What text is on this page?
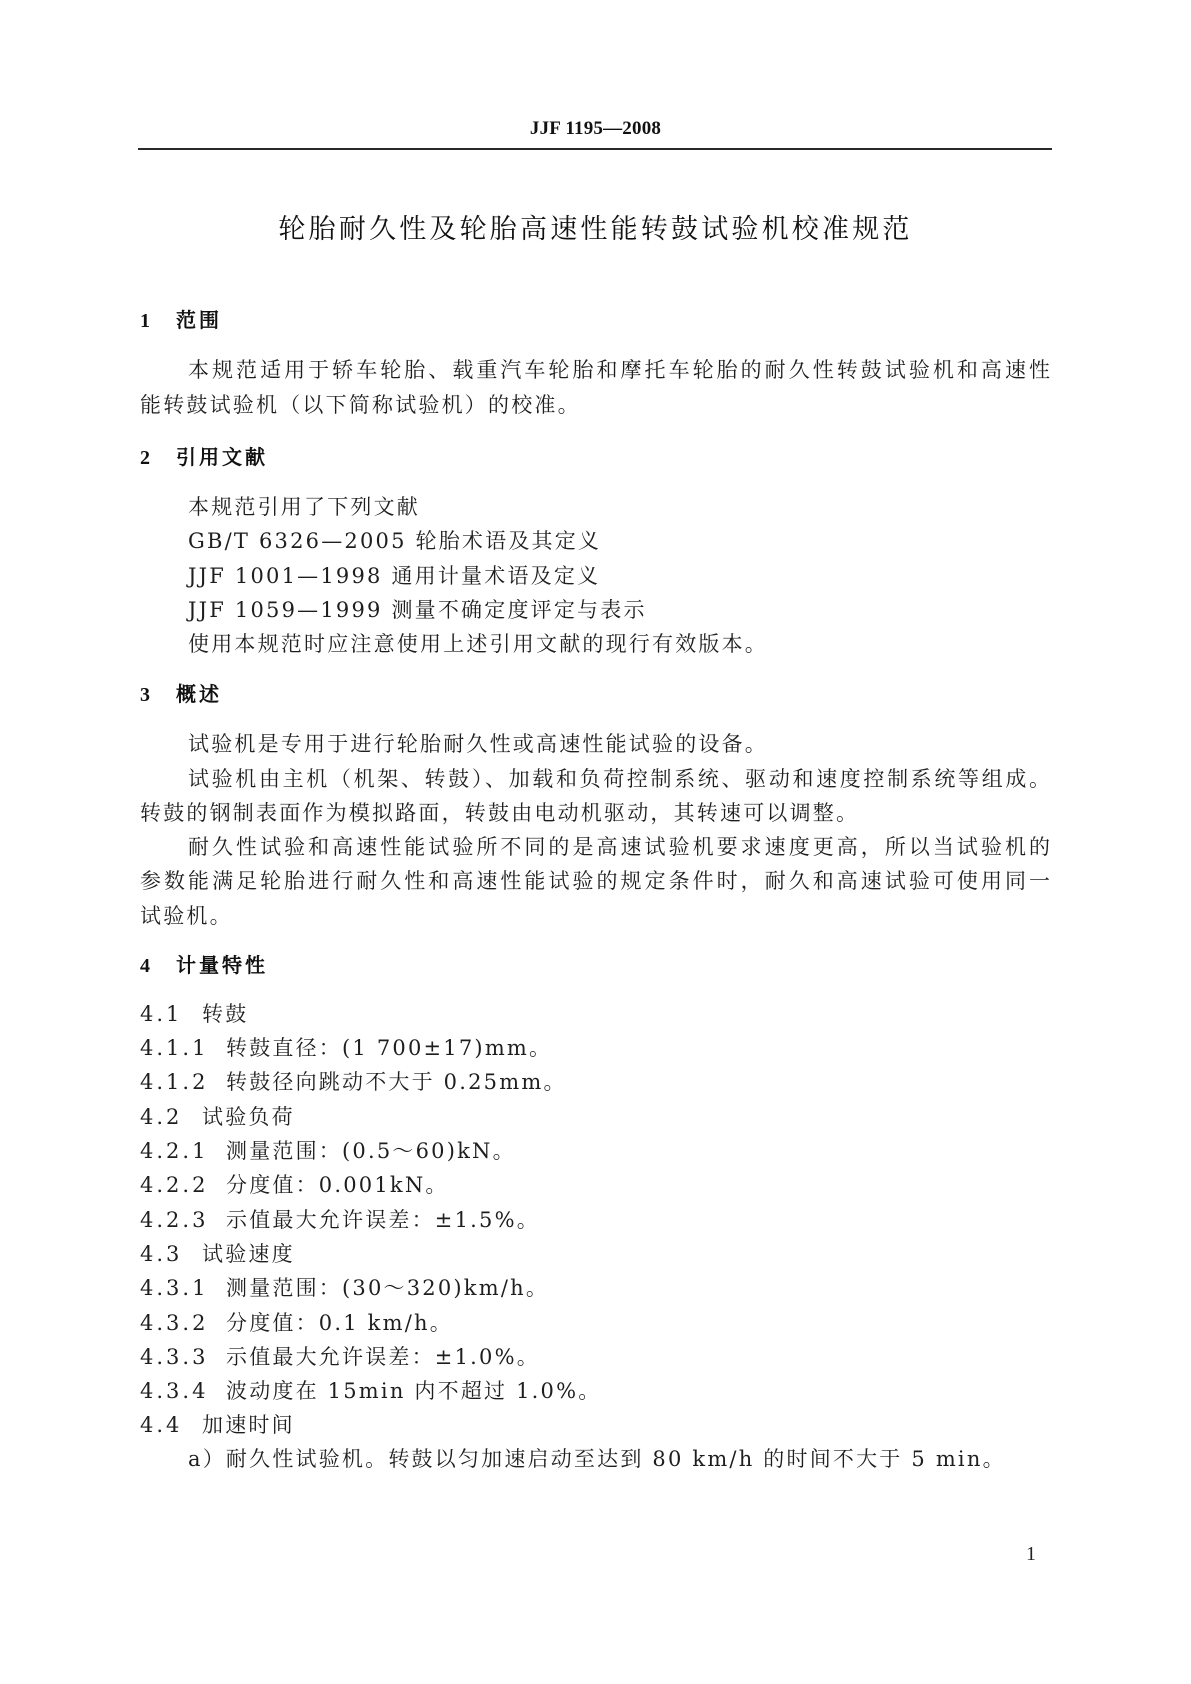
JJF 1195—2008
轮胎耐久性及轮胎高速性能转鼓试验机校准规范
1 范围
本规范适用于轿车轮胎、载重汽车轮胎和摩托车轮胎的耐久性转鼓试验机和高速性
能转鼓试验机（以下简称试验机）的校准。
2 引用文献
本规范引用了下列文献
GB/T 6326—2005 轮胎术语及其定义
JJF 1001—1998 通用计量术语及定义
JJF 1059—1999 测量不确定度评定与表示
使用本规范时应注意使用上述引用文献的现行有效版本。
3 概述
试验机是专用于进行轮胎耐久性或高速性能试验的设备。
试验机由主机（机架、转鼓）、加载和负荷控制系统、驱动和速度控制系统等组成。
转鼓的钢制表面作为模拟路面，转鼓由电动机驱动，其转速可以调整。
耐久性试验和高速性能试验所不同的是高速试验机要求速度更高，所以当试验机的
参数能满足轮胎进行耐久性和高速性能试验的规定条件时，耐久和高速试验可使用同一
试验机。
4 计量特性
4.1 转鼓
4.1.1 转鼓直径：(1 700±17)mm。
4.1.2 转鼓径向跳动不大于 0.25mm。
4.2 试验负荷
4.2.1 测量范围：(0.5～60)kN。
4.2.2 分度值：0.001kN。
4.2.3 示值最大允许误差：±1.5%。
4.3 试验速度
4.3.1 测量范围：(30～320)km/h。
4.3.2 分度值：0.1 km/h。
4.3.3 示值最大允许误差：±1.0%。
4.3.4 波动度在 15min 内不超过 1.0%。
4.4 加速时间
a）耐久性试验机。转鼓以匀加速启动至达到 80 km/h 的时间不大于 5 min。
1
